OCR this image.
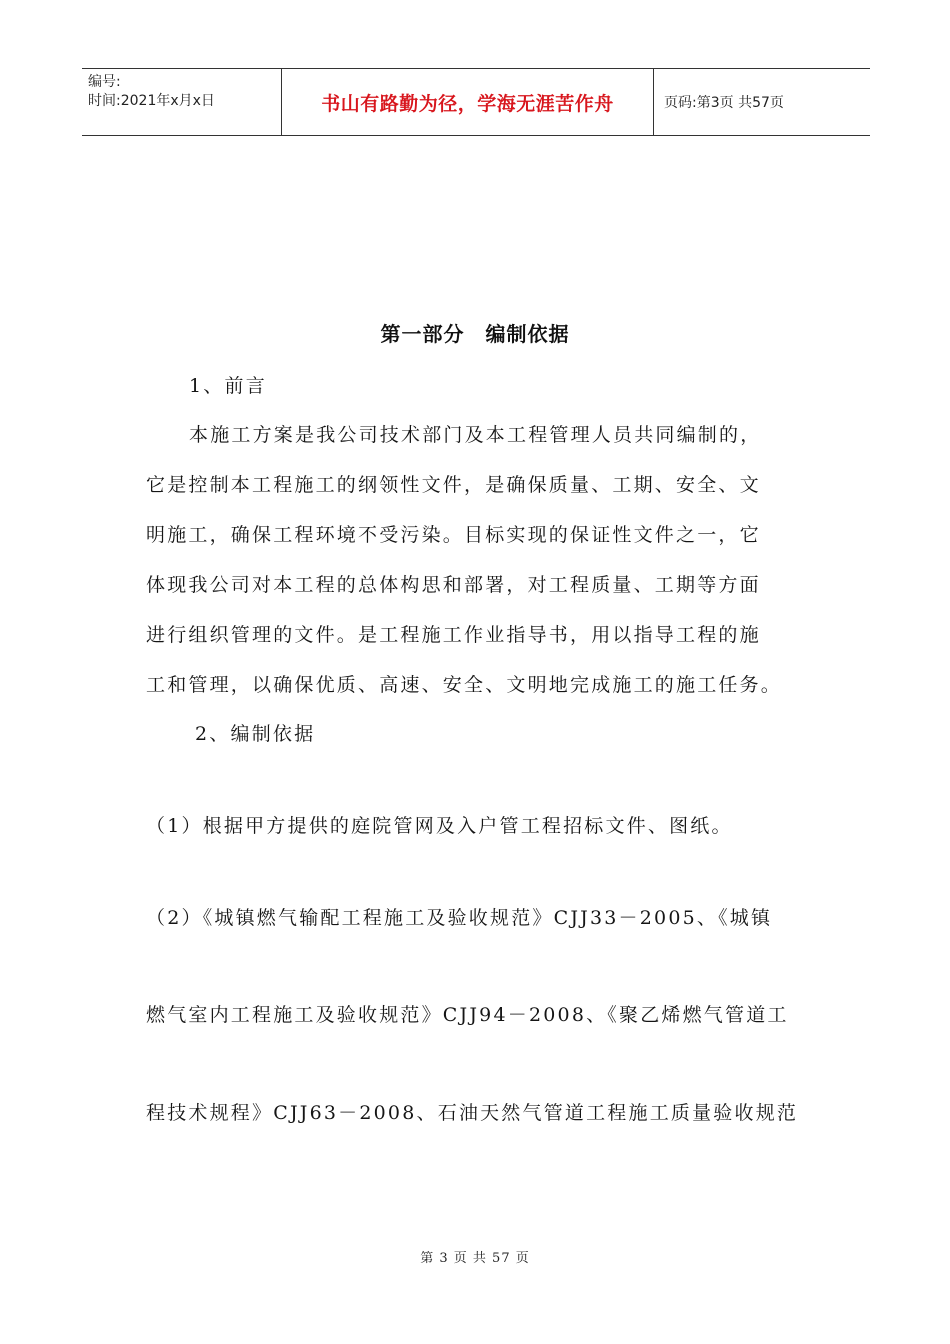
编号:
时间:2021年x月x日	书山有路勤为径，学海无涯苦作舟	页码:第3页 共57页
第一部分　编制依据
1、前言
本施工方案是我公司技术部门及本工程管理人员共同编制的，
它是控制本工程施工的纲领性文件，是确保质量、工期、安全、文
明施工，确保工程环境不受污染。目标实现的保证性文件之一，它
体现我公司对本工程的总体构思和部署，对工程质量、工期等方面
进行组织管理的文件。是工程施工作业指导书，用以指导工程的施
工和管理，以确保优质、高速、安全、文明地完成施工的施工任务。
2、编制依据
（1）根据甲方提供的庭院管网及入户管工程招标文件、图纸。
（2）《城镇燃气输配工程施工及验收规范》CJJ33－2005、《城镇
燃气室内工程施工及验收规范》CJJ94－2008、《聚乙烯燃气管道工
程技术规程》CJJ63－2008、石油天然气管道工程施工质量验收规范
第 3 页 共 57 页
